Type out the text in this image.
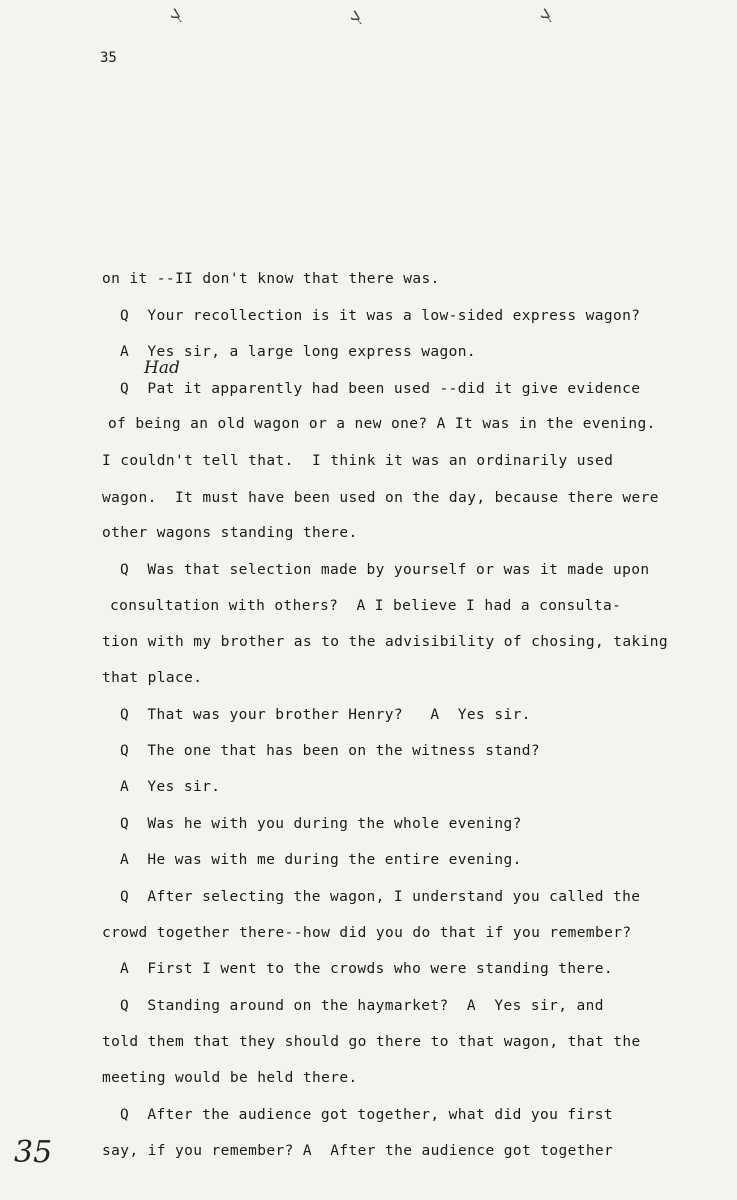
ܓ	ܓ	ܓ
35
Had
on it --II don't know that there was.
Q  Your recollection is it was a low-sided express wagon?
A  Yes sir, a large long express wagon.
Q  Pat it apparently had been used --did it give evidence
of being an old wagon or a new one? A It was in the evening.
I couldn't tell that.  I think it was an ordinarily used
wagon.  It must have been used on the day, because there were
other wagons standing there.
Q  Was that selection made by yourself or was it made upon
consultation with others?  A I believe I had a consulta-
tion with my brother as to the advisibility of chosing, taking
that place.
Q  That was your brother Henry?   A  Yes sir.
Q  The one that has been on the witness stand?
A  Yes sir.
Q  Was he with you during the whole evening?
A  He was with me during the entire evening.
Q  After selecting the wagon, I understand you called the
crowd together there--how did you do that if you remember?
A  First I went to the crowds who were standing there.
Q  Standing around on the haymarket?  A  Yes sir, and
told them that they should go there to that wagon, that the
meeting would be held there.
Q  After the audience got together, what did you first
say, if you remember? A  After the audience got together
35
